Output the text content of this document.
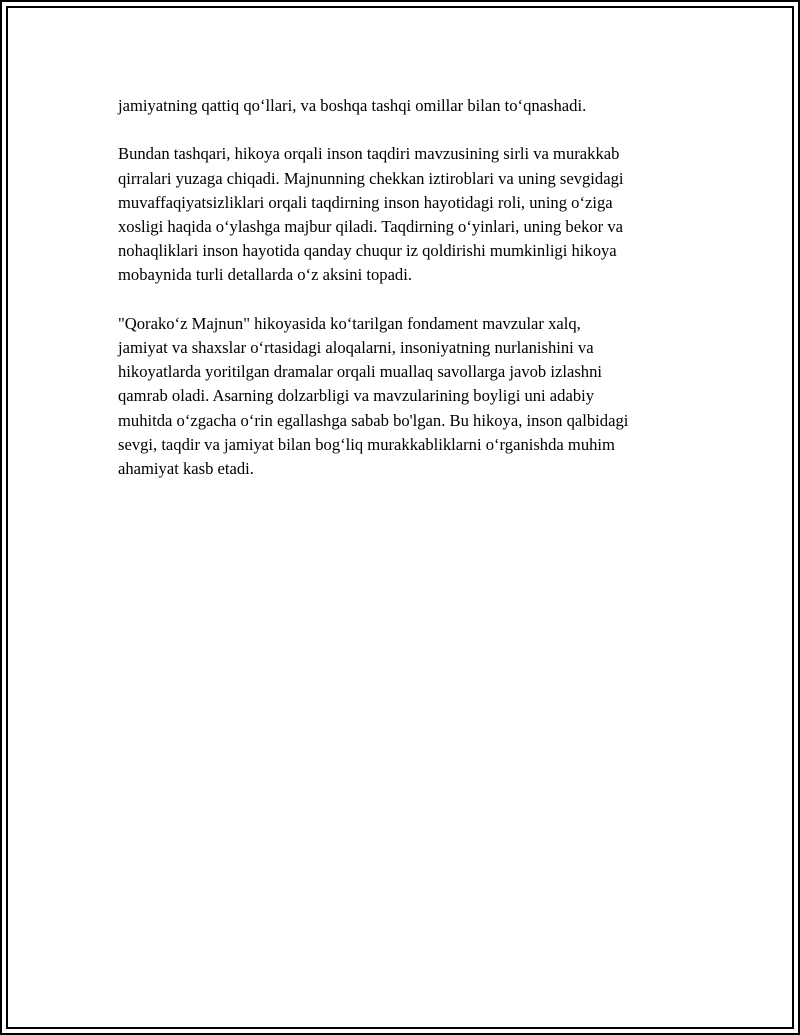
jamiyatning qattiq qo‘llari, va boshqa tashqi omillar bilan to‘qnashadi.

Bundan tashqari, hikoya orqali inson taqdiri mavzusining sirli va murakkab
qirralari yuzaga chiqadi. Majnunning chekkan iztiroblari va uning sevgidagi
muvaffaqiyatsizliklari orqali taqdirning inson hayotidagi roli, uning o‘ziga
xosligi haqida o‘ylashga majbur qiladi. Taqdirning o‘yinlari, uning bekor va
nohaqliklari inson hayotida qanday chuqur iz qoldirishi mumkinligi hikoya
mobaynida turli detallarda o‘z aksini topadi.

"Qorako‘z Majnun" hikoyasida ko‘tarilgan fondament mavzular xalq,
jamiyat va shaxslar o‘rtasidagi aloqalarni, insoniyatning nurlanishini va
hikoyatlarda yoritilgan dramalar orqali muallaq savollarga javob izlashni
qamrab oladi. Asarning dolzarbligi va mavzularining boyligi uni adabiy
muhitda o‘zgacha o‘rin egallashga sabab bo'lgan. Bu hikoya, inson qalbidagi
sevgi, taqdir va jamiyat bilan bog‘liq murakkabliklarni o‘rganishda muhim
ahamiyat kasb etadi.
